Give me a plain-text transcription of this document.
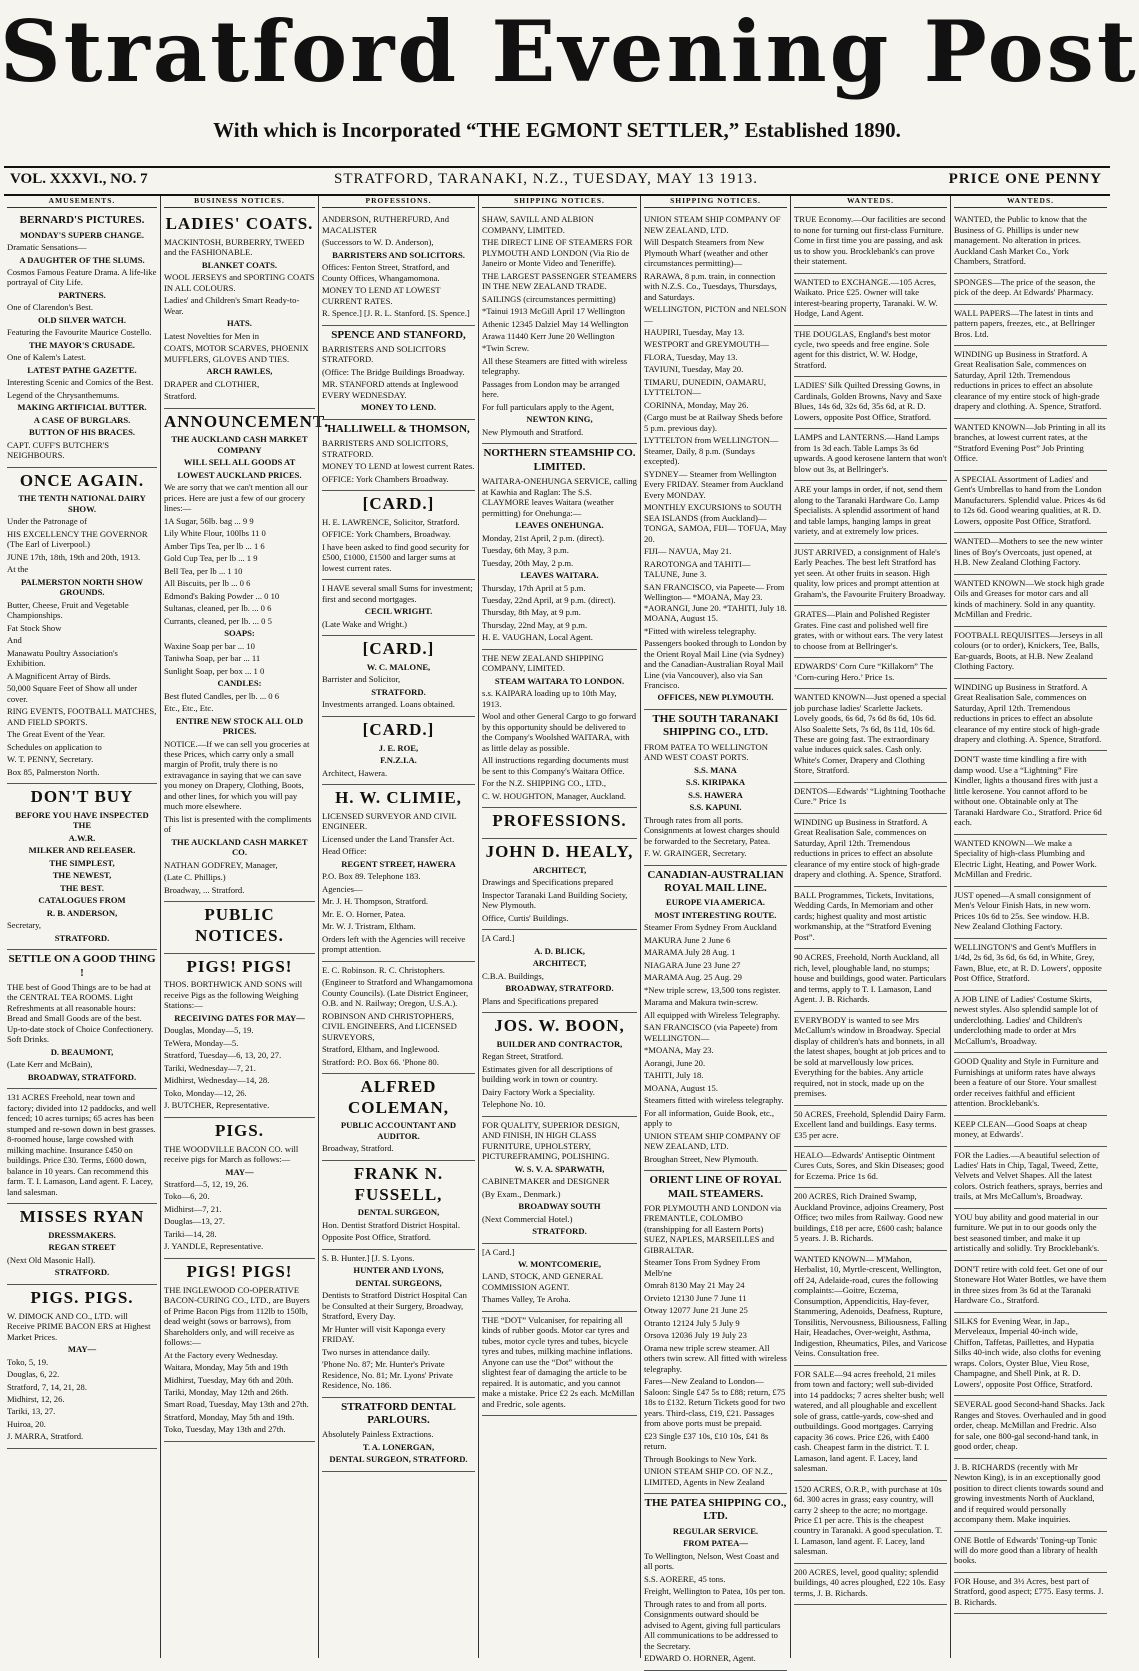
Stratford Evening Post
With which is Incorporated “THE EGMONT SETTLER,” Established 1890.
VOL. XXXVI., NO. 7	STRATFORD, TARANAKI, N.Z., TUESDAY, MAY 13 1913.	PRICE ONE PENNY
AMUSEMENTS.

BERNARD'S PICTURES.

MONDAY'S SUPERB CHANGE.

Dramatic Sensations—

A DAUGHTER OF THE SLUMS.

Cosmos Famous Feature Drama. A life-like portrayal of City Life.

PARTNERS.

One of Clarendon's Best.

OLD SILVER WATCH.

Featuring the Favourite Maurice Costello.

THE MAYOR'S CRUSADE.

One of Kalem's Latest.

LATEST PATHE GAZETTE.

Interesting Scenic and Comics of the Best.

Legend of the Chrysanthemums.

MAKING ARTIFICIAL BUTTER.

A CASE OF BURGLARS.

BUTTON OF HIS BRACES.

CAPT. CUFF'S BUTCHER'S NEIGHBOURS.

ONCE AGAIN.

THE TENTH NATIONAL DAIRY SHOW.

Under the Patronage of

HIS EXCELLENCY THE GOVERNOR (The Earl of Liverpool.)

JUNE 17th, 18th, 19th and 20th, 1913.

At the

PALMERSTON NORTH SHOW GROUNDS.

Butter, Cheese, Fruit and Vegetable Championships.

Fat Stock Show

And

Manawatu Poultry Association's Exhibition.

A Magnificent Array of Birds.

50,000 Square Feet of Show all under cover.

RING EVENTS, FOOTBALL MATCHES, AND FIELD SPORTS.

The Great Event of the Year.

Schedules on application to

W. T. PENNY, Secretary.

Box 85, Palmerston North.

DON'T BUY

BEFORE YOU HAVE INSPECTED THE

A.W.R.

MILKER AND RELEASER.

THE SIMPLEST,

THE NEWEST,

THE BEST.

CATALOGUES FROM

R. B. ANDERSON,

Secretary,

STRATFORD.

SETTLE ON A GOOD THING !

THE best of Good Things are to be had at the CENTRAL TEA ROOMS. Light Refreshments at all reasonable hours: Bread and Small Goods are of the best. Up-to-date stock of Choice Confectionery. Soft Drinks.

D. BEAUMONT,

(Late Kerr and McBain),

BROADWAY, STRATFORD.

131 ACRES Freehold, near town and factory; divided into 12 paddocks, and well fenced; 10 acres turnips; 65 acres has been stumped and re-sown down in best grasses. 8-roomed house, large cowshed with milking machine. Insurance £450 on buildings. Price £30. Terms, £600 down, balance in 10 years. Can recommend this farm. T. I. Lamason, Land agent. F. Lacey, land salesman.

MISSES RYAN

DRESSMAKERS.

REGAN STREET

(Next Old Masonic Hall).

STRATFORD.

PIGS. PIGS.

W. DIMOCK AND CO., LTD. will Receive PRIME BACON ERS at Highest Market Prices.

MAY—

Toko, 5, 19.

Douglas, 6, 22.

Stratford, 7, 14, 21, 28.

Midhirst, 12, 26.

Tariki, 13, 27.

Huiroa, 20.

J. MARRA, Stratford.

BUSINESS NOTICES.

LADIES' COATS.

MACKINTOSH, BURBERRY, TWEED and the FASHIONABLE.

BLANKET COATS.

WOOL JERSEYS and SPORTING COATS IN ALL COLOURS.

Ladies' and Children's Smart Ready-to-Wear.

HATS.

Latest Novelties for Men in

COATS, MOTOR SCARVES, PHOENIX MUFFLERS, GLOVES AND TIES.

ARCH RAWLES,

DRAPER and CLOTHIER,

Stratford.

ANNOUNCEMENT.

THE AUCKLAND CASH MARKET COMPANY

WILL SELL ALL GOODS AT

LOWEST AUCKLAND PRICES.

We are sorry that we can't mention all our prices. Here are just a few of our grocery lines:—

1A Sugar, 56lb. bag ... 9 9

Lily White Flour, 100lbs 11 0

Amber Tips Tea, per lb ... 1 6

Gold Cup Tea, per lb ... 1 9

Bell Tea, per lb ... 1 10

All Biscuits, per lb ... 0 6

Edmond's Baking Powder ... 0 10

Sultanas, cleaned, per lb. ... 0 6

Currants, cleaned, per lb. ... 0 5

SOAPS:

Waxine Soap per bar ... 10

Taniwha Soap, per bar ... 11

Sunlight Soap, per box ... 1 0

CANDLES:

Best fluted Candles, per lb. ... 0 6

Etc., Etc., Etc.

ENTIRE NEW STOCK ALL OLD PRICES.

NOTICE.—If we can sell you groceries at these Prices, which carry only a small margin of Profit, truly there is no extravagance in saying that we can save you money on Drapery, Clothing, Boots, and other lines, for which you will pay much more elsewhere.

This list is presented with the compliments of

THE AUCKLAND CASH MARKET CO.

NATHAN GODFREY, Manager,

(Late C. Phillips.)

Broadway, ... Stratford.

PUBLIC NOTICES.

PIGS! PIGS!

THOS. BORTHWICK AND SONS will receive Pigs as the following Weighing Stations:—

RECEIVING DATES FOR MAY—

Douglas, Monday—5, 19.

TeWera, Monday—5.

Stratford, Tuesday—6, 13, 20, 27.

Tariki, Wednesday—7, 21.

Midhirst, Wednesday—14, 28.

Toko, Monday—12, 26.

J. BUTCHER, Representative.

PIGS.

THE WOODVILLE BACON CO. will receive pigs for March as follows:—

MAY—

Stratford—5, 12, 19, 26.

Toko—6, 20.

Midhirst—7, 21.

Douglas—13, 27.

Tariki—14, 28.

J. YANDLE, Representative.

PIGS! PIGS!

THE INGLEWOOD CO-OPERATIVE BACON-CURING CO., LTD., are Buyers of Prime Bacon Pigs from 112lb to 150lb, dead weight (sows or barrows), from Shareholders only, and will receive as follows:—

At the Factory every Wednesday.

Waitara, Monday, May 5th and 19th

Midhirst, Tuesday, May 6th and 20th.

Tariki, Monday, May 12th and 26th.

Smart Road, Tuesday, May 13th and 27th.

Stratford, Monday, May 5th and 19th.

Toko, Tuesday, May 13th and 27th.

PROFESSIONS.

ANDERSON, RUTHERFURD, And MACALISTER

(Successors to W. D. Anderson),

BARRISTERS AND SOLICITORS.

Offices: Fenton Street, Stratford, and County Offices, Whangamomona.

MONEY TO LEND AT LOWEST CURRENT RATES.

R. Spence.] [J. R. L. Stanford. [S. Spence.]

SPENCE AND STANFORD,

BARRISTERS AND SOLICITORS STRATFORD.

(Office: The Bridge Buildings Broadway.

MR. STANFORD attends at Inglewood EVERY WEDNESDAY.

MONEY TO LEND.

HALLIWELL & THOMSON,

BARRISTERS AND SOLICITORS, STRATFORD.

MONEY TO LEND at lowest current Rates.

OFFICE: York Chambers Broadway.

[CARD.]

H. E. LAWRENCE, Solicitor, Stratford.

OFFICE: York Chambers, Broadway.

I have been asked to find good security for £500, £1000, £1500 and larger sums at lowest current rates.

I HAVE several small Sums for investment; first and second mortgages.

CECIL WRIGHT.

(Late Wake and Wright.)

[CARD.]

W. C. MALONE,

Barrister and Solicitor,

STRATFORD.

Investments arranged. Loans obtained.

[CARD.]

J. E. ROE,

F.N.Z.I.A.

Architect, Hawera.

H. W. CLIMIE,

LICENSED SURVEYOR AND CIVIL ENGINEER.

Licensed under the Land Transfer Act.

Head Office:

REGENT STREET, HAWERA

P.O. Box 89. Telephone 183.

Agencies—

Mr. J. H. Thompson, Stratford.

Mr. E. O. Horner, Patea.

Mr. W. J. Tristram, Eltham.

Orders left with the Agencies will receive prompt attention.

E. C. Robinson. R. C. Christophers.

(Engineer to Stratford and Whangamomona County Councils). (Late District Engineer, O.B. and N. Railway; Oregon, U.S.A.).

ROBINSON AND CHRISTOPHERS, CIVIL ENGINEERS, And LICENSED SURVEYORS,

Stratford, Eltham, and Inglewood.

Stratford: P.O. Box 66. 'Phone 80.

ALFRED COLEMAN,

PUBLIC ACCOUNTANT AND AUDITOR.

Broadway, Stratford.

FRANK N. FUSSELL,

DENTAL SURGEON,

Hon. Dentist Stratford District Hospital.

Opposite Post Office, Stratford.

S. B. Hunter.] [J. S. Lyons.

HUNTER AND LYONS,

DENTAL SURGEONS,

Dentists to Stratford District Hospital Can be Consulted at their Surgery, Broadway, Stratford, Every Day.

Mr Hunter will visit Kaponga every FRIDAY.

Two nurses in attendance daily.

'Phone No. 87; Mr. Hunter's Private Residence, No. 81; Mr. Lyons' Private Residence, No. 186.

STRATFORD DENTAL PARLOURS.

Absolutely Painless Extractions.

T. A. LONERGAN,

DENTAL SURGEON, STRATFORD.

SHIPPING NOTICES.

SHAW, SAVILL AND ALBION COMPANY, LIMITED.

THE DIRECT LINE OF STEAMERS FOR PLYMOUTH AND LONDON (Via Rio de Janeiro or Monte Video and Teneriffe).

THE LARGEST PASSENGER STEAMERS IN THE NEW ZEALAND TRADE.

SAILINGS (circumstances permitting)

*Tainui 1913 McGill April 17 Wellington

Athenic 12345 Dalziel May 14 Wellington

Arawa 11440 Kerr June 20 Wellington

*Twin Screw.

All these Steamers are fitted with wireless telegraphy.

Passages from London may be arranged here.

For full particulars apply to the Agent,

NEWTON KING,

New Plymouth and Stratford.

NORTHERN STEAMSHIP CO. LIMITED.

WAITARA-ONEHUNGA SERVICE, calling at Kawhia and Raglan: The S.S. CLAYMORE leaves Waitara (weather permitting) for Onehunga:—

LEAVES ONEHUNGA.

Monday, 21st April, 2 p.m. (direct).

Tuesday, 6th May, 3 p.m.

Tuesday, 20th May, 2 p.m.

LEAVES WAITARA.

Thursday, 17th April at 5 p.m.

Tuesday, 22nd April, at 9 p.m. (direct).

Thursday, 8th May, at 9 p.m.

Thursday, 22nd May, at 9 p.m.

H. E. VAUGHAN, Local Agent.

THE NEW ZEALAND SHIPPING COMPANY, LIMITED.

STEAM WAITARA TO LONDON.

s.s. KAIPARA loading up to 10th May, 1913.

Wool and other General Cargo to go forward by this opportunity should be delivered to the Company's Woolshed WAITARA, with as little delay as possible.

All instructions regarding documents must be sent to this Company's Waitara Office.

For the N.Z. SHIPPING CO., LTD.,

C. W. HOUGHTON, Manager, Auckland.

PROFESSIONS.

JOHN D. HEALY,

ARCHITECT,

Drawings and Specifications prepared

Inspector Taranaki Land Building Society, New Plymouth.

Office, Curtis' Buildings.

[A Card.]

A. D. BLICK,

ARCHITECT,

C.B.A. Buildings,

BROADWAY, STRATFORD.

Plans and Specifications prepared

JOS. W. BOON,

BUILDER AND CONTRACTOR,

Regan Street, Stratford.

Estimates given for all descriptions of building work in town or country.

Dairy Factory Work a Speciality.

Telephone No. 10.

FOR QUALITY, SUPERIOR DESIGN, AND FINISH, IN HIGH CLASS FURNITURE, UPHOLSTERY, PICTUREFRAMING, POLISHING.

W. S. V. A. SPARWATH,

CABINETMAKER and DESIGNER

(By Exam., Denmark.)

BROADWAY SOUTH

(Next Commercial Hotel.)

STRATFORD.

[A Card.]

W. MONTCOMERIE,

LAND, STOCK, AND GENERAL COMMISSION AGENT.

Thames Valley, Te Aroha.

THE “DOT” Vulcaniser, for repairing all kinds of rubber goods. Motor car tyres and tubes, motor cycle tyres and tubes, bicycle tyres and tubes, milking machine inflations. Anyone can use the “Dot” without the slightest fear of damaging the article to be repaired. It is automatic, and you cannot make a mistake. Price £2 2s each. McMillan and Fredric, sole agents.

SHIPPING NOTICES.

UNION STEAM SHIP COMPANY OF NEW ZEALAND, LTD.

Will Despatch Steamers from New Plymouth Wharf (weather and other circumstances permitting)—

RARAWA, 8 p.m. train, in connection with N.Z.S. Co., Tuesdays, Thursdays, and Saturdays.

WELLINGTON, PICTON and NELSON—

HAUPIRI, Tuesday, May 13.

WESTPORT and GREYMOUTH—

FLORA, Tuesday, May 13.

TAVIUNI, Tuesday, May 20.

TIMARU, DUNEDIN, OAMARU, LYTTELTON—

CORINNA, Monday, May 26.

(Cargo must be at Railway Sheds before 5 p.m. previous day).

LYTTELTON from WELLINGTON— Steamer, Daily, 8 p.m. (Sundays excepted).

SYDNEY— Steamer from Wellington Every FRIDAY. Steamer from Auckland Every MONDAY.

MONTHLY EXCURSIONS to SOUTH SEA ISLANDS (from Auckland)— TONGA, SAMOA, FIJI— TOFUA, May 20.

FIJI— NAVUA, May 21.

RAROTONGA and TAHITI— TALUNE, June 3.

SAN FRANCISCO, via Papeete— From Wellington— *MOANA, May 23. *AORANGI, June 20. *TAHITI, July 18. MOANA, August 15.

*Fitted with wireless telegraphy.

Passengers booked through to London by the Orient Royal Mail Line (via Sydney) and the Canadian-Australian Royal Mail Line (via Vancouver), also via San Francisco.

OFFICES, NEW PLYMOUTH.

THE SOUTH TARANAKI SHIPPING CO., LTD.

FROM PATEA TO WELLINGTON AND WEST COAST PORTS.

S.S. MANA

S.S. KIRIPAKA

S.S. HAWERA

S.S. KAPUNI.

Through rates from all ports. Consignments at lowest charges should be forwarded to the Secretary, Patea.

F. W. GRAINGER, Secretary.

CANADIAN-AUSTRALIAN ROYAL MAIL LINE.

EUROPE VIA AMERICA.

MOST INTERESTING ROUTE.

Steamer From Sydney From Auckland

MAKURA June 2 June 6

MARAMA July 28 Aug. 1

NIAGARA June 23 June 27

MARAMA Aug. 25 Aug. 29

*New triple screw, 13,500 tons register.

Marama and Makura twin-screw.

All equipped with Wireless Telegraphy.

SAN FRANCISCO (via Papeete) from WELLINGTON—

*MOANA, May 23.

Aorangi, June 20.

TAHITI, July 18.

MOANA, August 15.

Steamers fitted with wireless telegraphy.

For all information, Guide Book, etc., apply to

UNION STEAM SHIP COMPANY OF NEW ZEALAND, LTD.

Broughan Street, New Plymouth.

ORIENT LINE OF ROYAL MAIL STEAMERS.

FOR PLYMOUTH AND LONDON via FREMANTLE, COLOMBO (transhipping for all Eastern Ports) SUEZ, NAPLES, MARSEILLES and GIBRALTAR.

Steamer Tons From Sydney From Melb'ne

Omrah 8130 May 21 May 24

Orvieto 12130 June 7 June 11

Otway 12077 June 21 June 25

Otranto 12124 July 5 July 9

Orsova 12036 July 19 July 23

Orama new triple screw steamer. All others twin screw. All fitted with wireless telegraphy.

Fares—New Zealand to London— Saloon: Single £47 5s to £88; return, £75 18s to £132. Return Tickets good for two years. Third-class, £19, £21. Passages from above ports must be prepaid.

£23 Single £37 10s, £10 10s, £41 8s return.

Through Bookings to New York.

UNION STEAM SHIP CO. OF N.Z., LIMITED, Agents in New Zealand

THE PATEA SHIPPING CO., LTD.

REGULAR SERVICE.

FROM PATEA—

To Wellington, Nelson, West Coast and all ports.

S.S. AORERE, 45 tons.

Freight, Wellington to Patea, 10s per ton.

Through rates to and from all ports. Consignments outward should be advised to Agent, giving full particulars All communications to be addressed to the Secretary.

EDWARD O. HORNER, Agent.

WANTEDS.

TRUE Economy.—Our facilities are second to none for turning out first-class Furniture. Come in first time you are passing, and ask us to show you. Brocklebank's can prove their statement.

WANTED to EXCHANGE.—105 Acres, Waikato. Price £25. Owner will take interest-bearing property, Taranaki. W. W. Hodge, Land Agent.

THE DOUGLAS, England's best motor cycle, two speeds and free engine. Sole agent for this district, W. W. Hodge, Stratford.

LADIES' Silk Quilted Dressing Gowns, in Cardinals, Golden Browns, Navy and Saxe Blues, 14s 6d, 32s 6d, 35s 6d, at R. D. Lowers, opposite Post Office, Stratford.

LAMPS and LANTERNS.—Hand Lamps from 1s 3d each. Table Lamps 3s 6d upwards. A good kerosene lantern that won't blow out 3s, at Bellringer's.

ARE your lamps in order, if not, send them along to the Taranaki Hardware Co. Lamp Specialists. A splendid assortment of hand and table lamps, hanging lamps in great variety, and at extremely low prices.

JUST ARRIVED, a consignment of Hale's Early Peaches. The best left Stratford has yet seen. At other fruits in season. High quality, low prices and prompt attention at Graham's, the Favourite Fruitery Broadway.

GRATES—Plain and Polished Register Grates. Fine cast and polished well fire grates, with or without ears. The very latest to choose from at Bellringer's.

EDWARDS' Corn Cure “Killakorn” The ‘Corn-curing Hero.’ Price 1s.

WANTED KNOWN—Just opened a special job purchase ladies' Scarlette Jackets. Lovely goods, 6s 6d, 7s 6d 8s 6d, 10s 6d. Also Soalette Sets, 7s 6d, 8s 11d, 10s 6d. These are going fast. The extraordinary value induces quick sales. Cash only. White's Corner, Drapery and Clothing Store, Stratford.

DENTOS—Edwards' “Lightning Toothache Cure.” Price 1s

WINDING up Business in Stratford. A Great Realisation Sale, commences on Saturday, April 12th. Tremendous reductions in prices to effect an absolute clearance of my entire stock of high-grade drapery and clothing. A. Spence, Stratford.

BALL Programmes, Tickets, Invitations, Wedding Cards, In Memoriam and other cards; highest quality and most artistic workmanship, at the “Stratford Evening Post”.

90 ACRES, Freehold, North Auckland, all rich, level, ploughable land, no stumps; house and buildings, good water. Particulars and terms, apply to T. I. Lamason, Land Agent. J. B. Richards.

EVERYBODY is wanted to see Mrs McCallum's window in Broadway. Special display of children's hats and bonnets, in all the latest shapes, bought at job prices and to be sold at marvellously low prices. Everything for the babies. Any article required, not in stock, made up on the premises.

50 ACRES, Freehold, Splendid Dairy Farm. Excellent land and buildings. Easy terms. £35 per acre.

HEALO—Edwards' Antiseptic Ointment Cures Cuts, Sores, and Skin Diseases; good for Eczema. Price 1s 6d.

200 ACRES, Rich Drained Swamp, Auckland Province, adjoins Creamery, Post Office; two miles from Railway. Good new buildings, £18 per acre, £600 cash; balance 5 years. J. B. Richards.

WANTED KNOWN— M'Mahon, Herbalist, 10, Myrtle-crescent, Wellington, off 24, Adelaide-road, cures the following complaints:—Goitre, Eczema, Consumption, Appendicitis, Hay-fever, Stammering, Adenoids, Deafness, Rupture, Tonsilitis, Nervousness, Biliousness, Falling Hair, Headaches, Over-weight, Asthma, Indigestion, Rheumatics, Piles, and Varicose Veins. Consultation free.

FOR SALE—94 acres freehold, 21 miles from town and factory; well sub-divided into 14 paddocks; 7 acres shelter bush; well watered, and all ploughable and excellent sole of grass, cattle-yards, cow-shed and outbuildings. Good mortgages. Carrying capacity 36 cows. Price £26, with £400 cash. Cheapest farm in the district. T. I. Lamason, land agent. F. Lacey, land salesman.

1520 ACRES, O.R.P., with purchase at 10s 6d. 300 acres in grass; easy country, will carry 2 sheep to the acre; no mortgage. Price £1 per acre. This is the cheapest country in Taranaki. A good speculation. T. I. Lamason, land agent. F. Lacey, land salesman.

200 ACRES, level, good quality; splendid buildings, 40 acres ploughed, £22 10s. Easy terms, J. B. Richards.

WANTEDS.

WANTED, the Public to know that the Business of G. Phillips is under new management. No alteration in prices. Auckland Cash Market Co., York Chambers, Stratford.

SPONGES—The price of the season, the pick of the deep. At Edwards' Pharmacy.

WALL PAPERS—The latest in tints and pattern papers, freezes, etc., at Bellringer Bros. Ltd.

WINDING up Business in Stratford. A Great Realisation Sale, commences on Saturday, April 12th. Tremendous reductions in prices to effect an absolute clearance of my entire stock of high-grade drapery and clothing. A. Spence, Stratford.

WANTED KNOWN—Job Printing in all its branches, at lowest current rates, at the “Stratford Evening Post” Job Printing Office.

A SPECIAL Assortment of Ladies' and Gent's Umbrellas to hand from the London Manufacturers. Splendid value. Prices 4s 6d to 12s 6d. Good wearing qualities, at R. D. Lowers, opposite Post Office, Stratford.

WANTED—Mothers to see the new winter lines of Boy's Overcoats, just opened, at H.B. New Zealand Clothing Factory.

WANTED KNOWN—We stock high grade Oils and Greases for motor cars and all kinds of machinery. Sold in any quantity. McMillan and Fredric.

FOOTBALL REQUISITES—Jerseys in all colours (or to order), Knickers, Tee, Balls, Ear-guards, Boots, at H.B. New Zealand Clothing Factory.

WINDING up Business in Stratford. A Great Realisation Sale, commences on Saturday, April 12th. Tremendous reductions in prices to effect an absolute clearance of my entire stock of high-grade drapery and clothing. A. Spence, Stratford.

DON'T waste time kindling a fire with damp wood. Use a “Lightning” Fire Kindler, lights a thousand fires with just a little kerosene. You cannot afford to be without one. Obtainable only at The Taranaki Hardware Co., Stratford. Price 6d each.

WANTED KNOWN—We make a Speciality of high-class Plumbing and Electric Light, Heating, and Power Work. McMillan and Fredric.

JUST opened—A small consignment of Men's Velour Finish Hats, in new worn. Prices 10s 6d to 25s. See window. H.B. New Zealand Clothing Factory.

WELLINGTON'S and Gent's Mufflers in 1/4d, 2s 6d, 3s 6d, 6s 6d, in White, Grey, Fawn, Blue, etc, at R. D. Lowers', opposite Post Office, Stratford.

A JOB LINE of Ladies' Costume Skirts, newest styles. Also splendid sample lot of underclothing. Ladies' and Children's underclothing made to order at Mrs McCallum's, Broadway.

GOOD Quality and Style in Furniture and Furnishings at uniform rates have always been a feature of our Store. Your smallest order receives faithful and efficient attention. Brocklebank's.

KEEP CLEAN—Good Soaps at cheap money, at Edwards'.

FOR the Ladies.—A beautiful selection of Ladies' Hats in Chip, Tagal, Tweed, Zette, Velvets and Velvet Shapes. All the latest colors. Ostrich feathers, sprays, berries and trails, at Mrs McCallum's, Broadway.

YOU buy ability and good material in our furniture. We put in to our goods only the best seasoned timber, and make it up artistically and solidly. Try Brocklebank's.

DON'T retire with cold feet. Get one of our Stoneware Hot Water Bottles, we have them in three sizes from 3s 6d at the Taranaki Hardware Co., Stratford.

SILKS for Evening Wear, in Jap., Merveleaux, Imperial 40-inch wide, Chiffon, Taffetas, Paillettes, and Hypatia Silks 40-inch wide, also cloths for evening wraps. Colors, Oyster Blue, Vieu Rose, Champagne, and Shell Pink, at R. D. Lowers', opposite Post Office, Stratford.

SEVERAL good Second-hand Shacks. Jack Ranges and Stoves. Overhauled and in good order, cheap. McMillan and Fredric. Also for sale, one 800-gal second-hand tank, in good order, cheap.

J. B. RICHARDS (recently with Mr Newton King), is in an exceptionally good position to direct clients towards sound and growing investments North of Auckland, and if required would personally accompany them. Make inquiries.

ONE Bottle of Edwards' Toning-up Tonic will do more good than a library of health books.

FOR House, and 3½ Acres, best part of Stratford, good aspect; £775. Easy terms. J. B. Richards.
